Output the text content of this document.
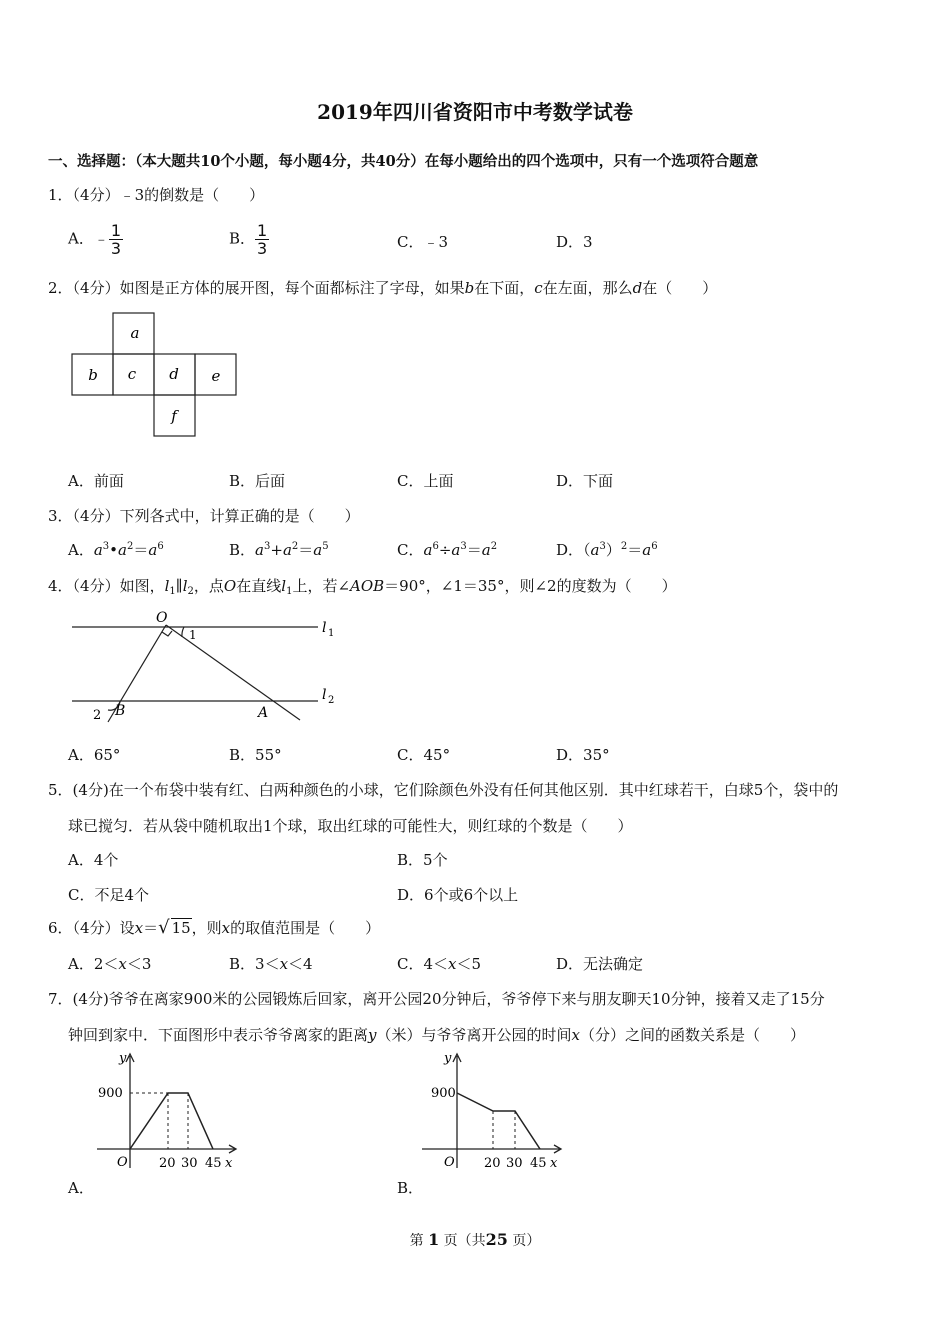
2019年四川省资阳市中考数学试卷
一、选择题：（本大题共10个小题，每小题4分，共40分）在每小题给出的四个选项中，只有一个选项符合题意
1．（4分）﹣3的倒数是（　　）
A．﹣ $\frac{1}{3}$	B． $\frac{1}{3}$	C．﹣3	D．3
2．（4分）如图是正方体的展开图，每个面都标注了字母，如果b在下面，c在左面，那么d在（　　）
a
b c d e
f
A．前面	B．后面	C．上面	D．下面
3．（4分）下列各式中，计算正确的是（　　）
A．$a^3•a^2=a^6$	B．$a^3+a^2=a^5$	C．$a^6\div a^3=a^2$	D．$(a^3)^2=a^6$
4．（4分）如图，$l_1\parallel l_2$，点O在直线$l_1$上，若∠AOB＝90°，∠1＝35°，则∠2的度数为（　　）
O
1	l 1
l 2
2 B	A
A．65°	B．55°	C．45°	D．35°
5．(4分)在一个布袋中装有红、白两种颜色的小球，它们除颜色外没有任何其他区别．其中红球若干，白球5个，袋中的
球已搅匀．若从袋中随机取出1个球，取出红球的可能性大，则红球的个数是（　　）
A．4个	B．5个
C．不足4个	D．6个或6个以上
6．（4分）设x＝√ 15，则x的取值范围是（　　）
A．2＜x＜3	B．3＜x＜4	C．4＜x＜5	D．无法确定
7．(4分)爷爷在离家900米的公园锻炼后回家，离开公园20分钟后，爷爷停下来与朋友聊天10分钟，接着又走了15分
钟回到家中．下面图形中表示爷爷离家的距离y（米）与爷爷离开公园的时间x（分）之间的函数关系是（　　）
y
900
O 20 30 45 x
A．
y
900
O 20 30 45 x
B．
第 1 页（共25 页）
